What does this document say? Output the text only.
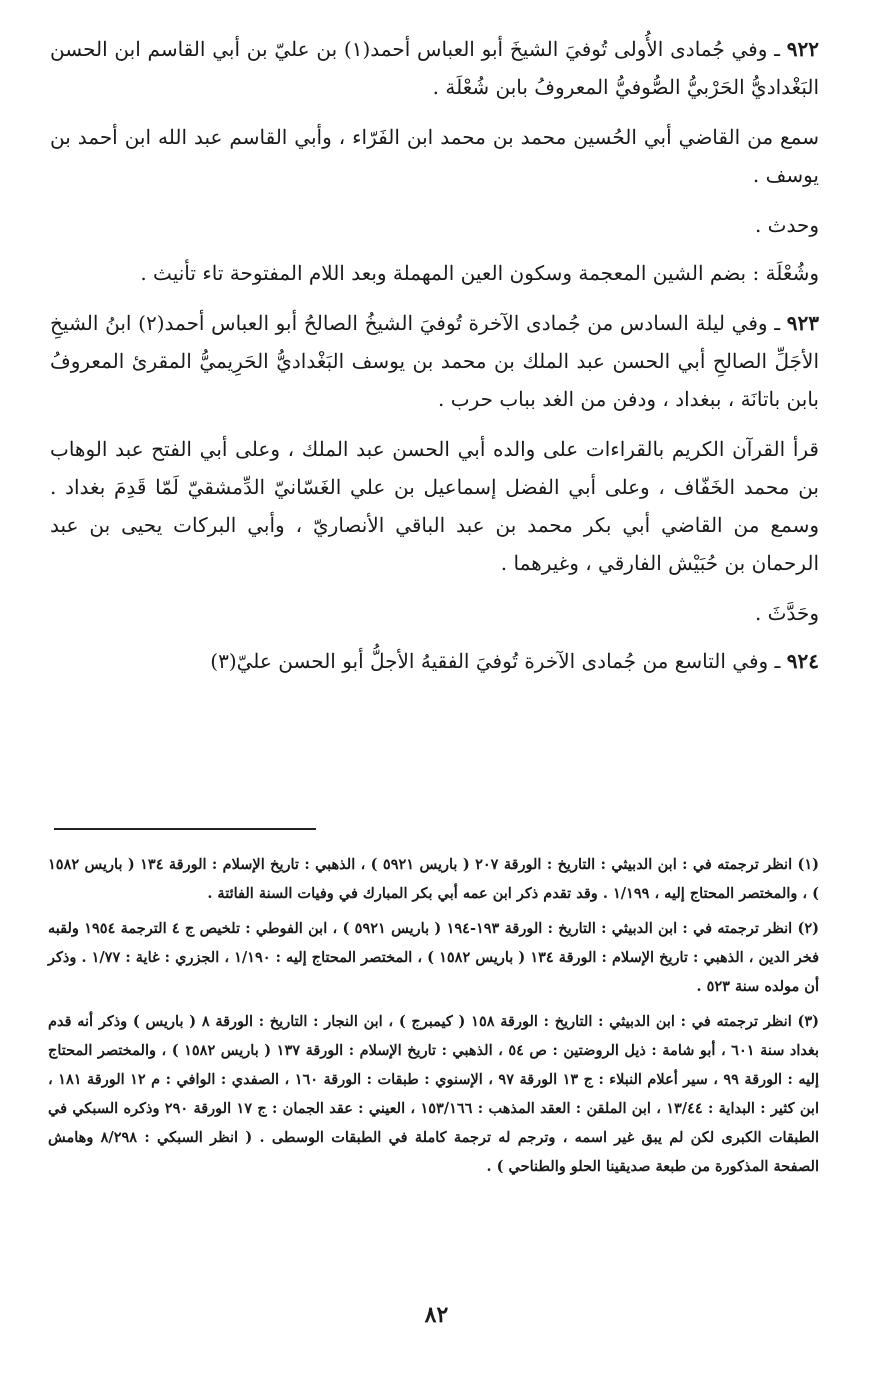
٩٢٢ ـ وفي جُمادى الأُولى تُوفيَ الشيخَ أبو العباس أحمد(١) بن عليّ بن أبي القاسم ابن الحسن البَغْداديُّ الحَرْبيُّ الصُّوفيُّ المعروفُ بابن شُعْلَة .

سمع من القاضي أبي الحُسين محمد بن محمد ابن الفَرّاء ، وأبي القاسم عبد الله ابن أحمد بن يوسف .

وحدث .

وشُعْلَة : بضم الشين المعجمة وسكون العين المهملة وبعد اللام المفتوحة تاء تأنيث .

٩٢٣ ـ وفي ليلة السادس من جُمادى الآخرة تُوفيَ الشيخُ الصالحُ أبو العباس أحمد(٢) ابنُ الشيخِ الأجَلِّ الصالحِ أبي الحسن عبد الملك بن محمد بن يوسف البَغْداديُّ الحَرِيميُّ المقرئ المعروفُ بابن باتانَة ، ببغداد ، ودفن من الغد بباب حرب .

قرأ القرآن الكريم بالقراءات على والده أبي الحسن عبد الملك ، وعلى أبي الفتح عبد الوهاب بن محمد الخَفّاف ، وعلى أبي الفضل إسماعيل بن علي الغَسّانيّ الدِّمشقيّ لَمّا قَدِمَ بغداد . وسمع من القاضي أبي بكر محمد بن عبد الباقي الأنصاريّ ، وأبي البركات يحيى بن عبد الرحمان بن حُبَيْش الفارقي ، وغيرهما .

وحَدَّثَ .

٩٢٤ ـ وفي التاسع من جُمادى الآخرة تُوفيَ الفقيهُ الأجلُّ أبو الحسن عليّ(٣)

(١) انظر ترجمته في : ابن الدبيثي : التاريخ : الورقة ٢٠٧ ( باريس ٥٩٢١ ) ، الذهبي : تاريخ الإسلام : الورقة ١٣٤ ( باريس ١٥٨٢ ) ، والمختصر المحتاج إليه ، ١/١٩٩ . وقد تقدم ذكر ابن عمه أبي بكر المبارك في وفيات السنة الفائتة .

(٢) انظر ترجمته في : ابن الدبيثي : التاريخ : الورقة ١٩٣-١٩٤ ( باريس ٥٩٢١ ) ، ابن الفوطي : تلخيص ج ٤ الترجمة ١٩٥٤ ولقبه فخر الدين ، الذهبي : تاريخ الإسلام : الورقة ١٣٤ ( باريس ١٥٨٢ ) ، المختصر المحتاج إليه : ١/١٩٠ ، الجزري : غاية : ١/٧٧ . وذكر أن مولده سنة ٥٢٣ .

(٣) انظر ترجمته في : ابن الدبيثي : التاريخ : الورقة ١٥٨ ( كيمبرج ) ، ابن النجار : التاريخ : الورقة ٨ ( باريس ) وذكر أنه قدم بغداد سنة ٦٠١ ، أبو شامة : ذيل الروضتين : ص ٥٤ ، الذهبي : تاريخ الإسلام : الورقة ١٣٧ ( باريس ١٥٨٢ ) ، والمختصر المحتاج إليه : الورقة ٩٩ ، سير أعلام النبلاء : ج ١٣ الورقة ٩٧ ، الإسنوي : طبقات : الورقة ١٦٠ ، الصفدي : الوافي : م ١٢ الورقة ١٨١ ، ابن كثير : البداية : ١٣/٤٤ ، ابن الملقن : العقد المذهب : ١٥٣/١٦٦ ، العيني : عقد الجمان : ج ١٧ الورقة ٢٩٠ وذكره السبكي في الطبقات الكبرى لكن لم يبق غير اسمه ، وترجم له ترجمة كاملة في الطبقات الوسطى . ( انظر السبكي : ٨/٢٩٨ وهامش الصفحة المذكورة من طبعة صديقينا الحلو والطناحي ) .

٨٢
